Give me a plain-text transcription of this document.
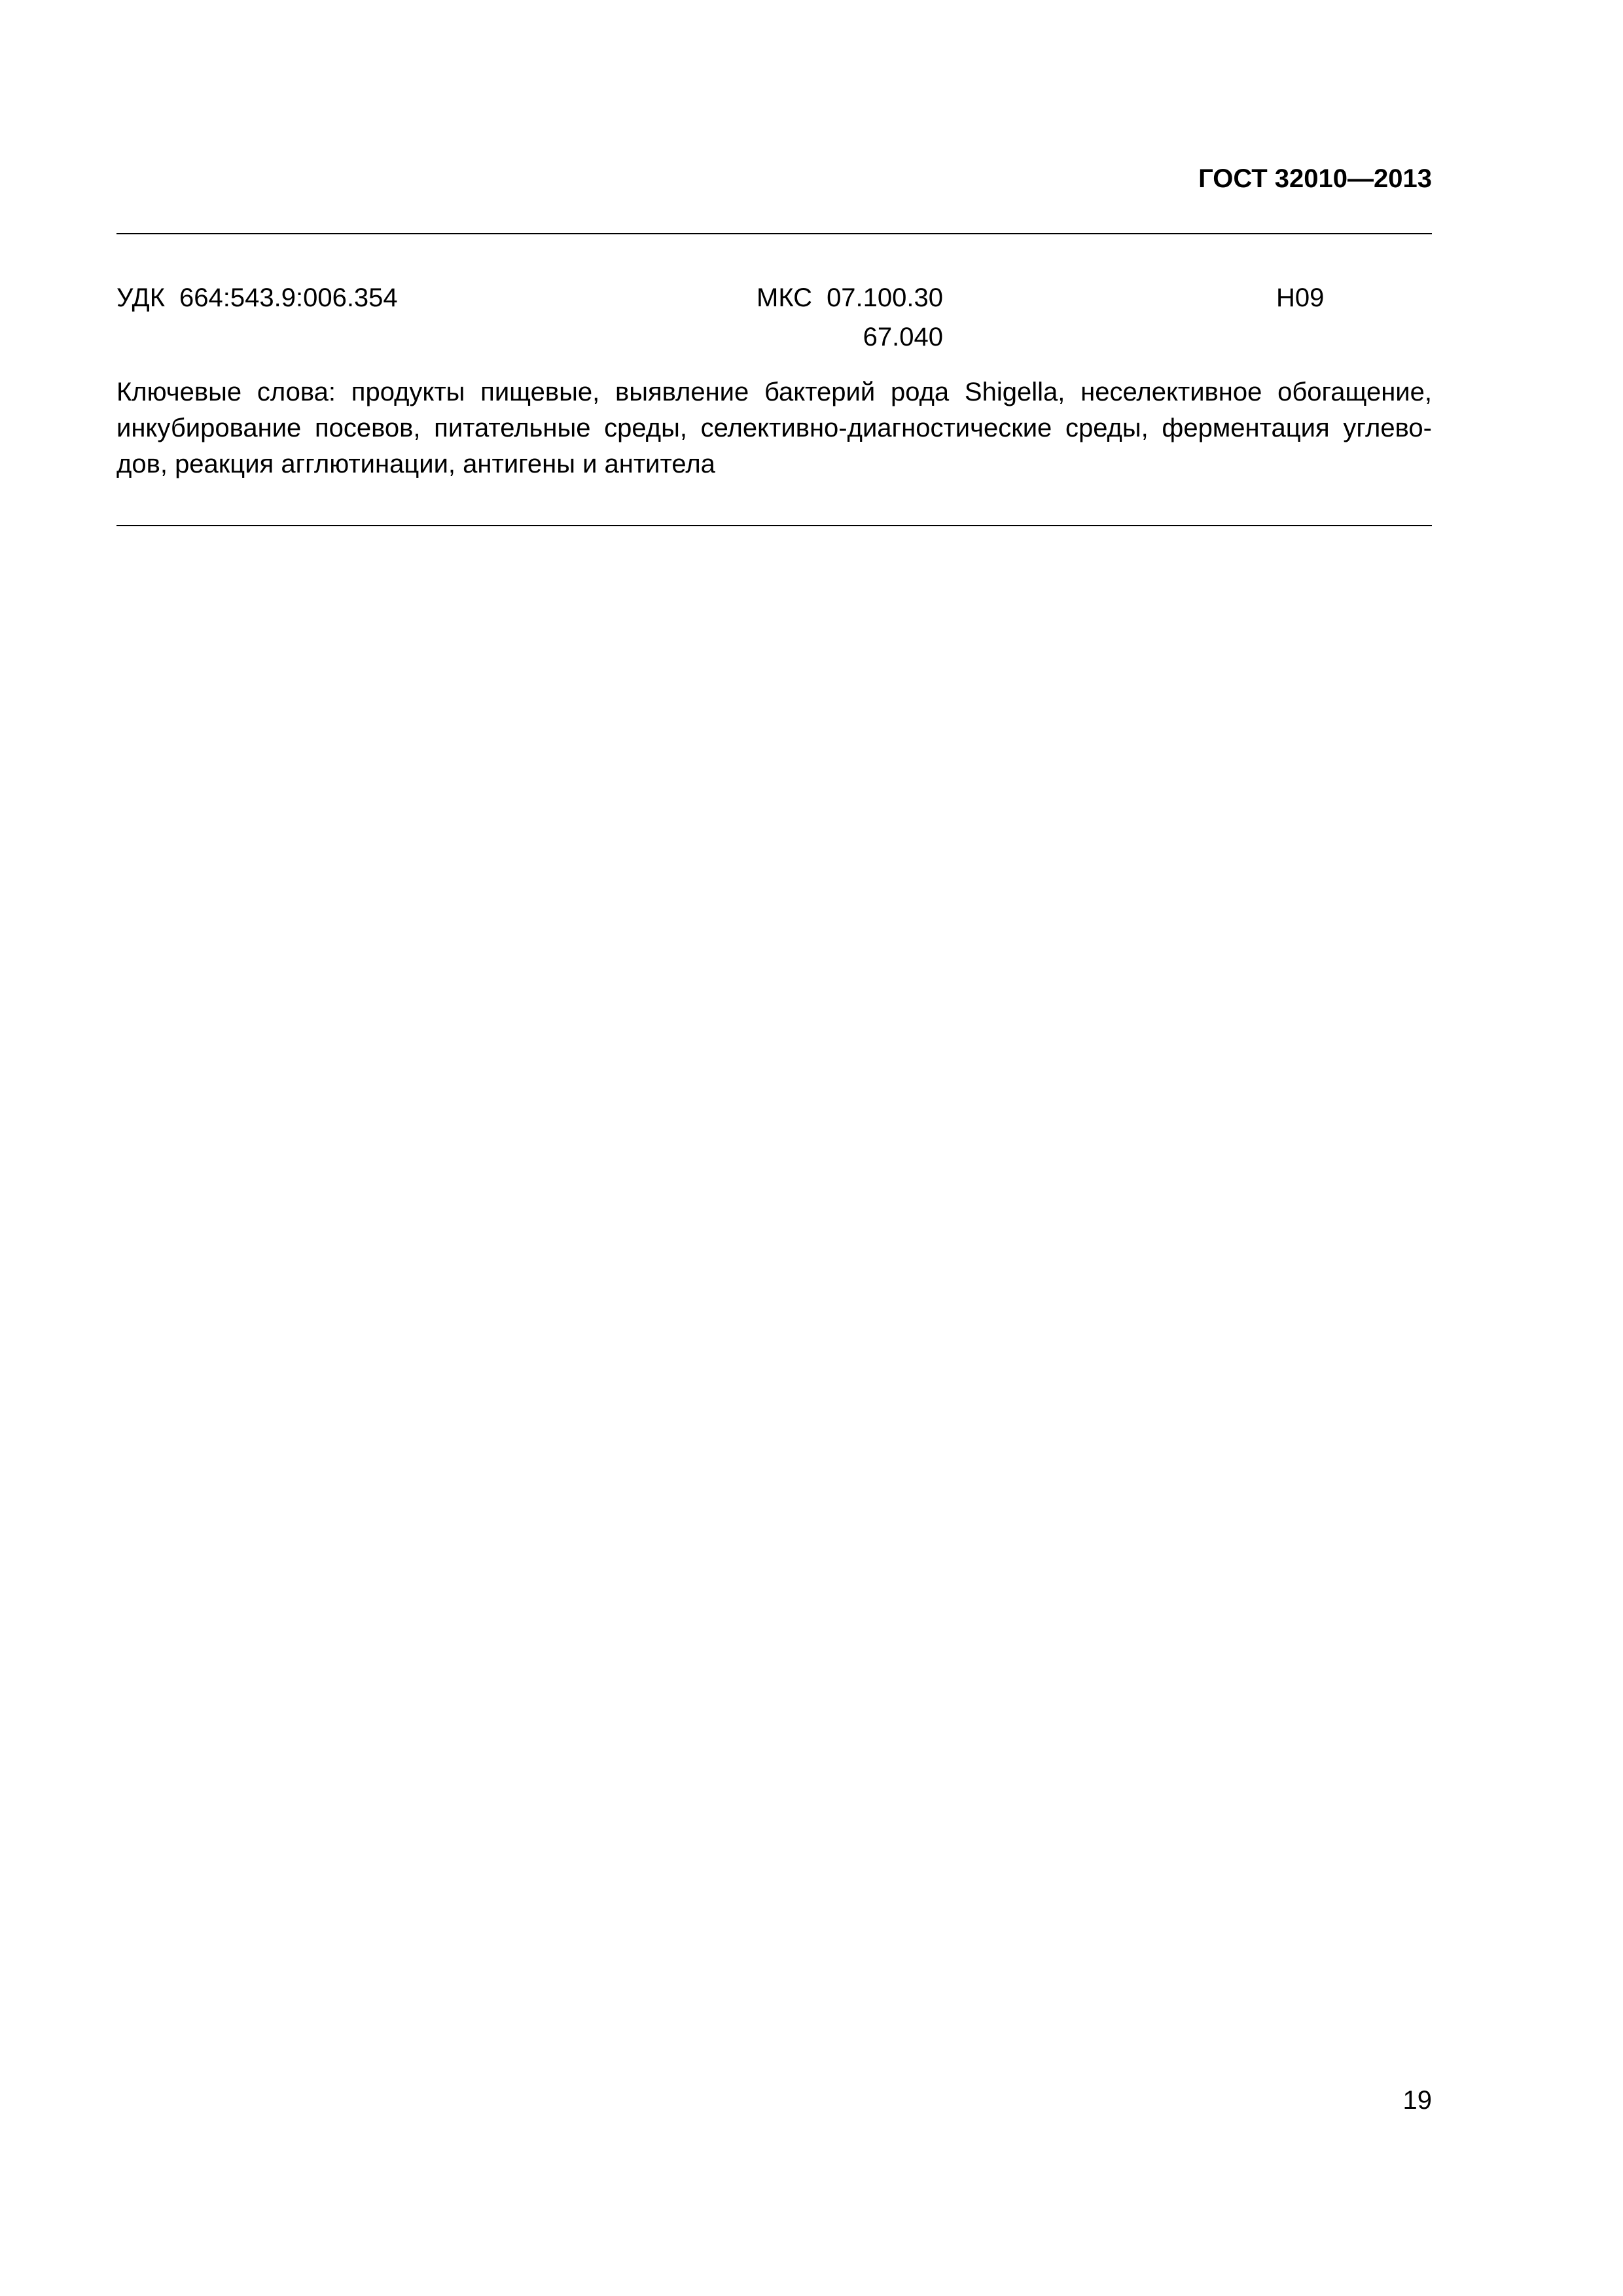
ГОСТ 32010—2013
УДК 664:543.9:006.354	МКС 07.100.30
67.040
Н09
Ключевые слова: продукты пищевые, выявление бактерий рода Shigella, неселективное обогащение,
инкубирование посевов, питательные среды, селективно-диагностические среды, ферментация углево-
дов, реакция агглютинации, антигены и антитела
19
